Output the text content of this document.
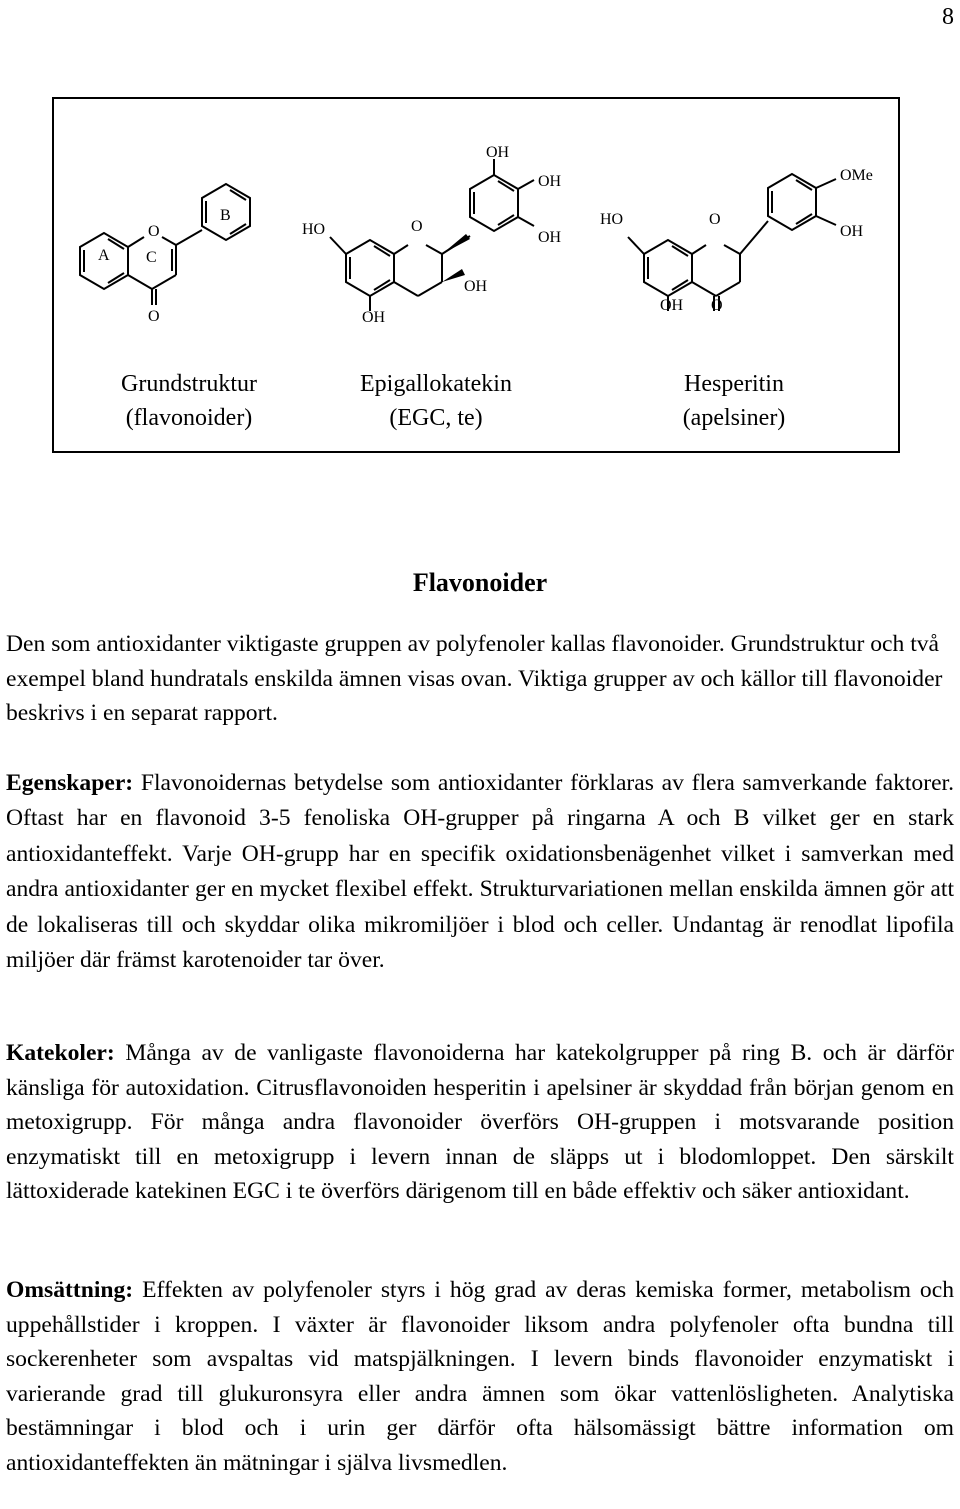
8
A C
O
B
O
HO	O
OH
OH
OH
OH
OH
HO	O
OMe
OH
OH O
Grundstruktur
(flavonoider)
Epigallokatekin
(EGC, te)
Hesperitin
(apelsiner)
Flavonoider

Den som antioxidanter viktigaste gruppen av polyfenoler kallas flavonoider. Grundstruktur och två exempel bland hundratals enskilda ämnen visas ovan. Viktiga grupper av och källor till flavonoider beskrivs i en separat rapport.

Egenskaper: Flavonoidernas betydelse som antioxidanter förklaras av flera samverkande faktorer. Oftast har en flavonoid 3-5 fenoliska OH-grupper på ringarna A och B vilket ger en stark antioxidanteffekt. Varje OH-grupp har en specifik oxidationsbenägenhet vilket i samverkan med andra antioxidanter ger en mycket flexibel effekt. Strukturvariationen mellan enskilda ämnen gör att de lokaliseras till och skyddar olika mikromiljöer i blod och celler. Undantag är renodlat lipofila miljöer där främst karotenoider tar över.

Katekoler: Många av de vanligaste flavonoiderna har katekolgrupper på ring B. och är därför känsliga för autoxidation. Citrusflavonoiden hesperitin i apelsiner är skyddad från början genom en metoxigrupp. För många andra flavonoider överförs OH-gruppen i motsvarande position enzymatiskt till en metoxigrupp i levern innan de släpps ut i blodomloppet. Den särskilt lättoxiderade katekinen EGC i te överförs därigenom till en både effektiv och säker antioxidant.

Omsättning: Effekten av polyfenoler styrs i hög grad av deras kemiska former, metabolism och uppehållstider i kroppen. I växter är flavonoider liksom andra polyfenoler ofta bundna till sockerenheter som avspaltas vid matspjälkningen. I levern binds flavonoider enzymatiskt i varierande grad till glukuronsyra eller andra ämnen som ökar vattenlösligheten. Analytiska bestämningar i blod och i urin ger därför ofta hälsomässigt bättre information om antioxidanteffekten än mätningar i själva livsmedlen.
